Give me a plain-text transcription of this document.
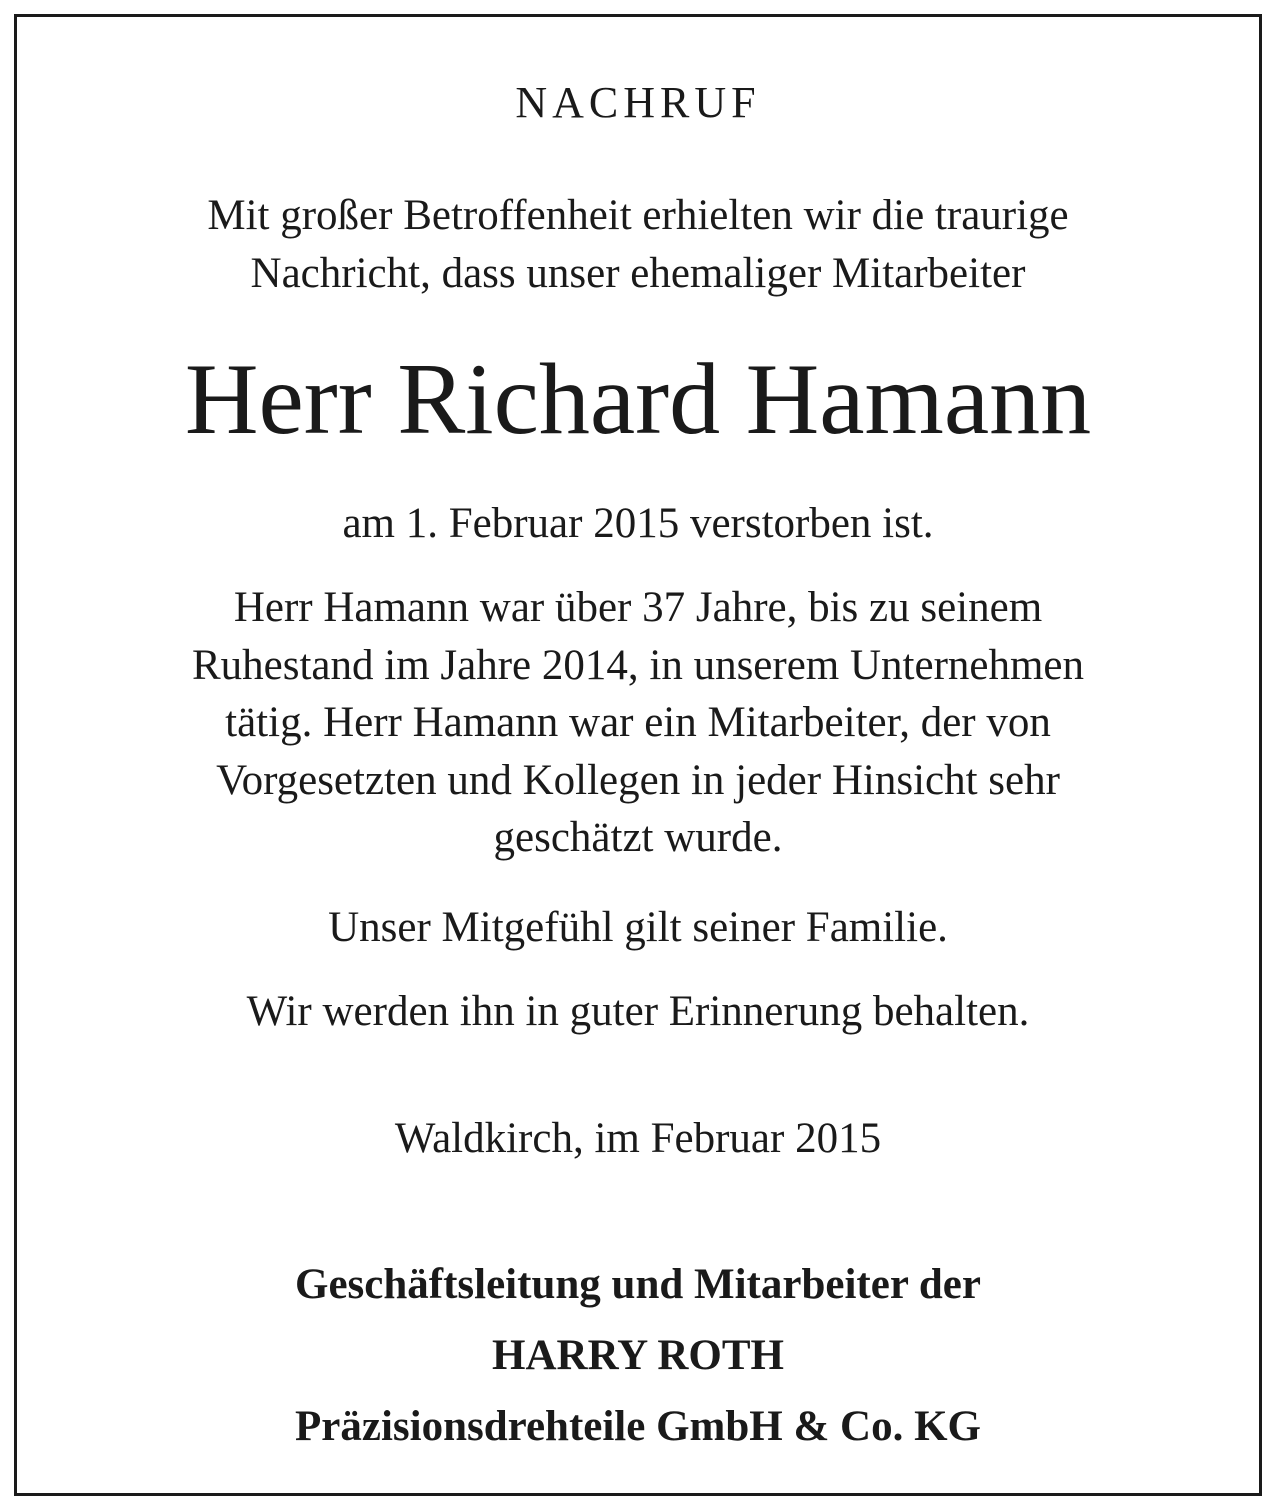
NACHRUF
Mit großer Betroffenheit erhielten wir die traurige
Nachricht, dass unser ehemaliger Mitarbeiter
Herr Richard Hamann
am 1. Februar 2015 verstorben ist.
Herr Hamann war über 37 Jahre, bis zu seinem
Ruhestand im Jahre 2014, in unserem Unternehmen
tätig. Herr Hamann war ein Mitarbeiter, der von
Vorgesetzten und Kollegen in jeder Hinsicht sehr
geschätzt wurde.
Unser Mitgefühl gilt seiner Familie.
Wir werden ihn in guter Erinnerung behalten.
Waldkirch, im Februar 2015
Geschäftsleitung und Mitarbeiter der
HARRY ROTH
Präzisionsdrehteile GmbH & Co. KG
